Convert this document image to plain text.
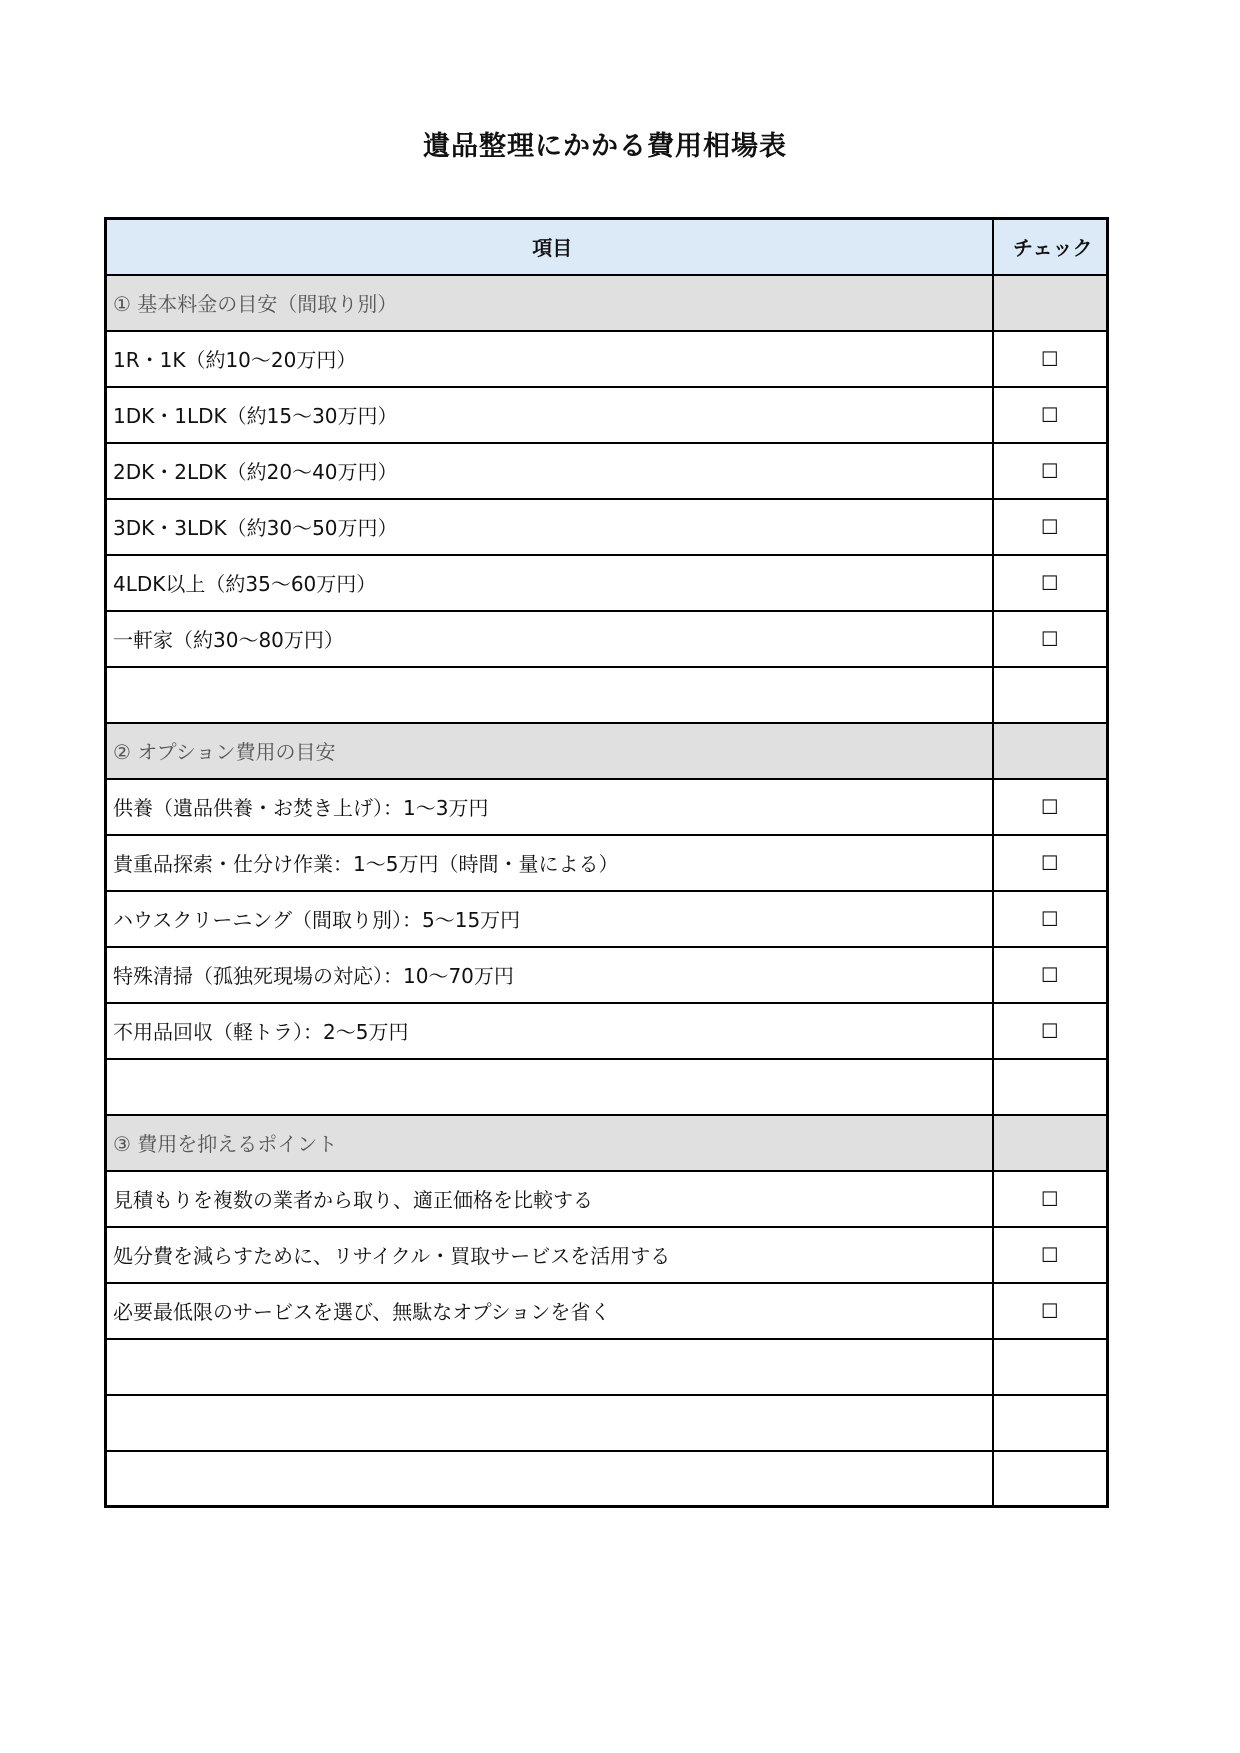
遺品整理にかかる費用相場表
項目	チェック
① 基本料金の目安（間取り別）	
1R・1K（約10〜20万円）	☐
1DK・1LDK（約15〜30万円）	☐
2DK・2LDK（約20〜40万円）	☐
3DK・3LDK（約30〜50万円）	☐
4LDK以上（約35〜60万円）	☐
一軒家（約30〜80万円）	☐

② オプション費用の目安	
供養（遺品供養・お焚き上げ）：1〜3万円	☐
貴重品探索・仕分け作業：1〜5万円（時間・量による）	☐
ハウスクリーニング（間取り別）：5〜15万円	☐
特殊清掃（孤独死現場の対応）：10〜70万円	☐
不用品回収（軽トラ）：2〜5万円	☐

③ 費用を抑えるポイント	
見積もりを複数の業者から取り、適正価格を比較する	☐
処分費を減らすために、リサイクル・買取サービスを活用する	☐
必要最低限のサービスを選び、無駄なオプションを省く	☐
